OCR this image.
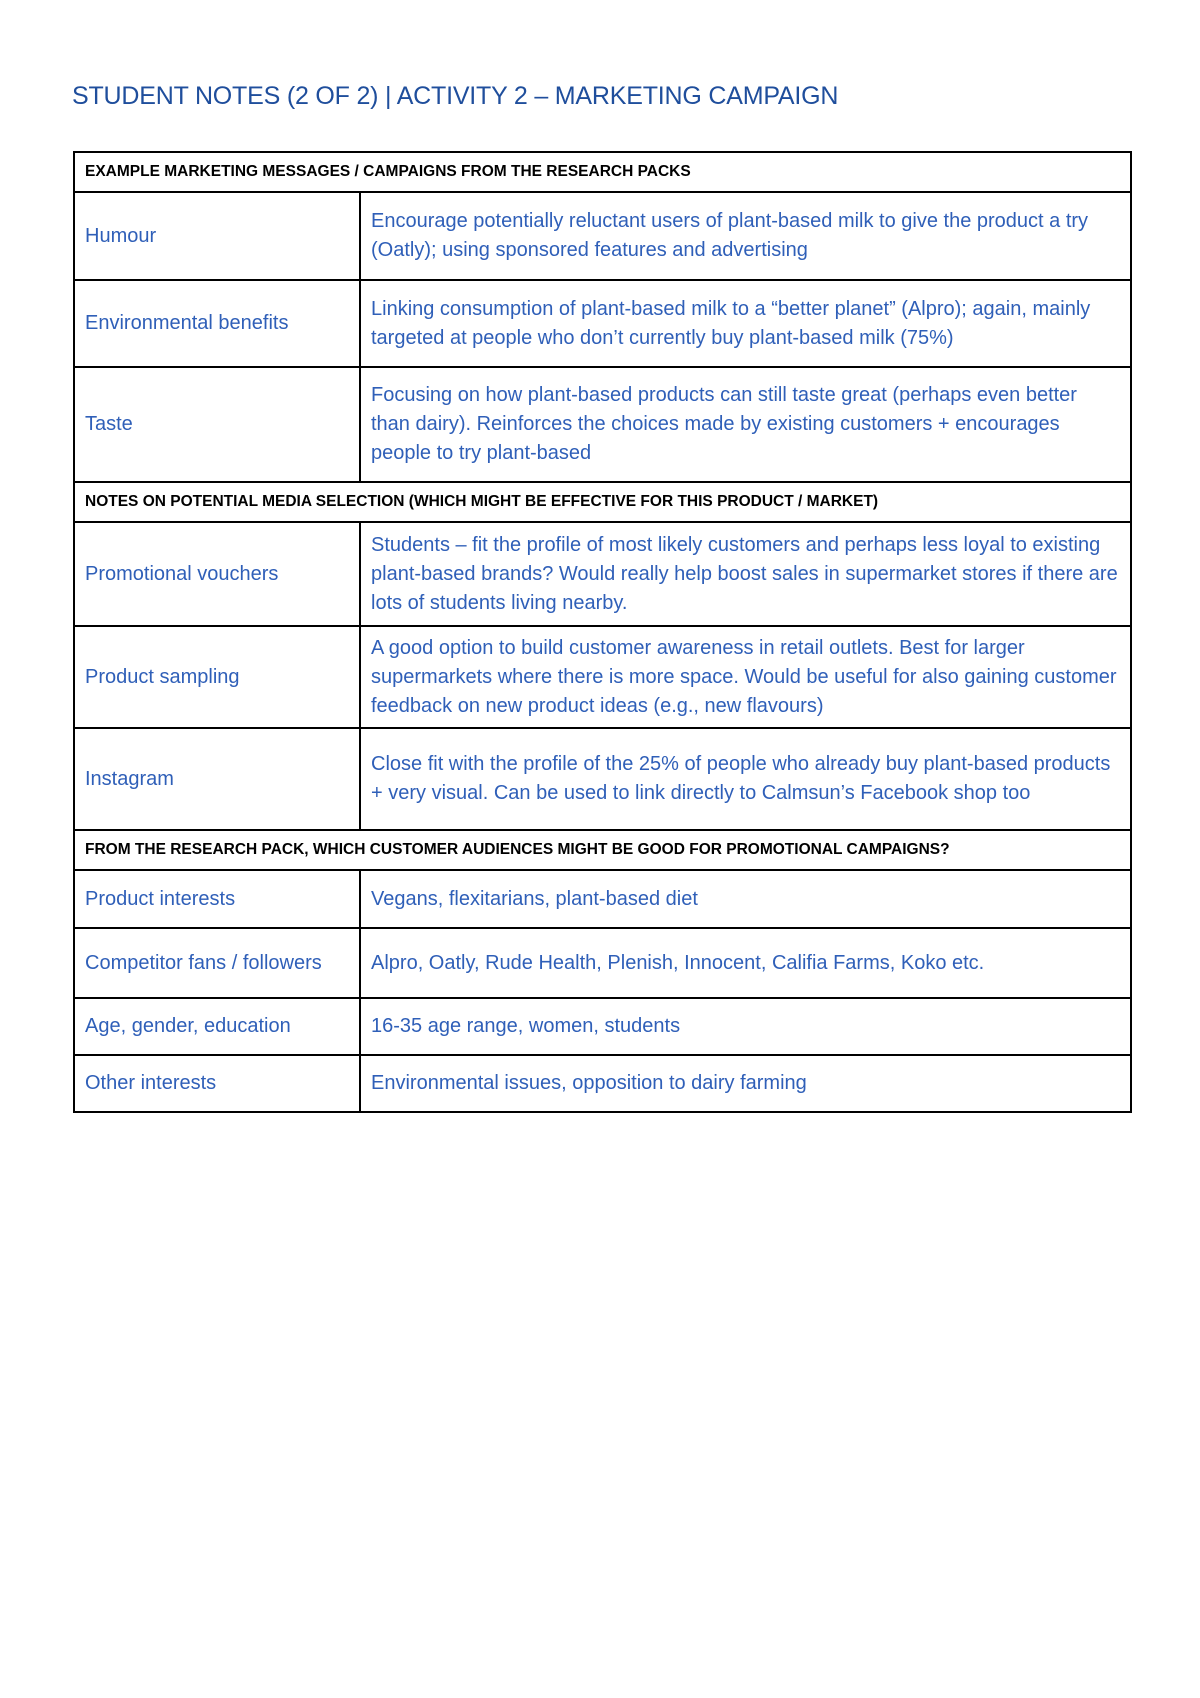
STUDENT NOTES (2 OF 2) | ACTIVITY 2 – MARKETING CAMPAIGN
EXAMPLE MARKETING MESSAGES / CAMPAIGNS FROM THE RESEARCH PACKS	
Humour	Encourage potentially reluctant users of plant-based milk to give the product a try (Oatly); using sponsored features and advertising
Environmental benefits	Linking consumption of plant-based milk to a “better planet” (Alpro); again, mainly targeted at people who don’t currently buy plant-based milk (75%)
Taste	Focusing on how plant-based products can still taste great (perhaps even better than dairy). Reinforces the choices made by existing customers + encourages people to try plant-based
NOTES ON POTENTIAL MEDIA SELECTION (WHICH MIGHT BE EFFECTIVE FOR THIS PRODUCT / MARKET)	
Promotional vouchers	Students – fit the profile of most likely customers and perhaps less loyal to existing plant-based brands? Would really help boost sales in supermarket stores if there are lots of students living nearby.
Product sampling	A good option to build customer awareness in retail outlets. Best for larger supermarkets where there is more space. Would be useful for also gaining customer feedback on new product ideas (e.g., new flavours)
Instagram	Close fit with the profile of the 25% of people who already buy plant-based products + very visual. Can be used to link directly to Calmsun’s Facebook shop too
FROM THE RESEARCH PACK, WHICH CUSTOMER AUDIENCES MIGHT BE GOOD FOR PROMOTIONAL CAMPAIGNS?	
Product interests	Vegans, flexitarians, plant-based diet
Competitor fans / followers	Alpro, Oatly, Rude Health, Plenish, Innocent, Califia Farms, Koko etc.
Age, gender, education	16-35 age range, women, students
Other interests	Environmental issues, opposition to dairy farming
